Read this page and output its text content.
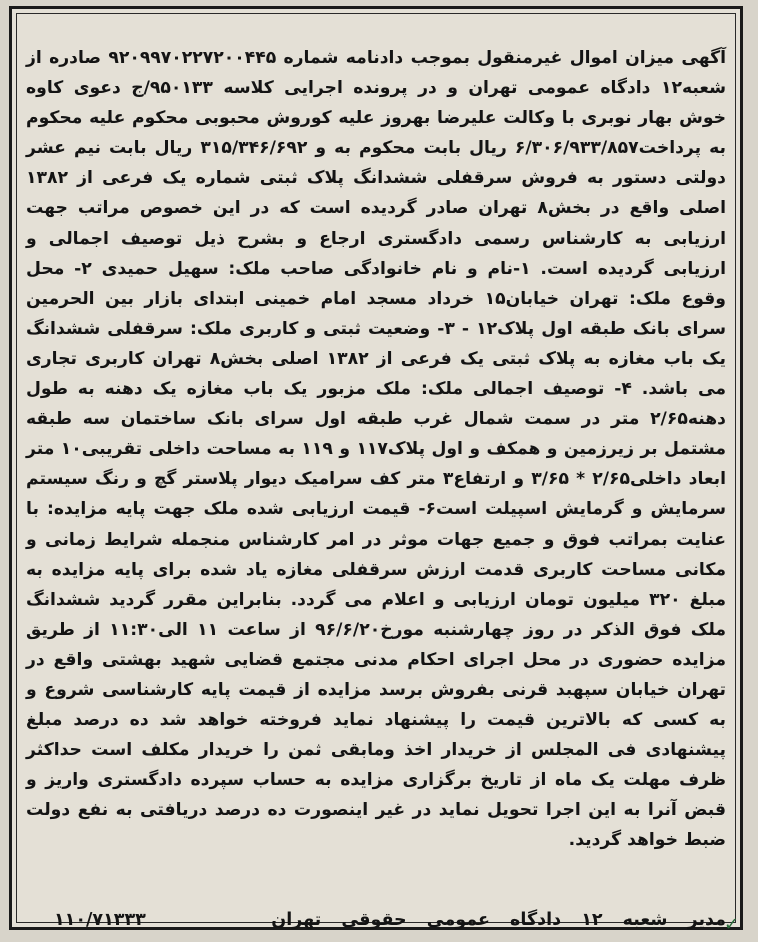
آگهی میزان اموال غیرمنقول بموجب دادنامه شماره ۹۲۰۹۹۷۰۲۲۷۲۰۰۴۴۵ صادره از شعبه۱۲ دادگاه عمومی تهران و در پرونده اجرایی کلاسه ۹۵۰۱۳۳/ج دعوی کاوه خوش بهار نوبری با وکالت علیرضا بهروز علیه کوروش محبوبی محکوم علیه محکوم به پرداخت۶/۳۰۶/۹۳۳/۸۵۷ ریال بابت محکوم به و ۳۱۵/۳۴۶/۶۹۲ ریال بابت نیم عشر دولتی دستور به فروش سرقفلی ششدانگ پلاک ثبتی شماره یک فرعی از ۱۳۸۲ اصلی واقع در بخش۸ تهران صادر گردیده است که در این خصوص مراتب جهت ارزیابی به کارشناس رسمی دادگستری ارجاع و بشرح ذیل توصیف اجمالی و ارزیابی گردیده است. ۱-نام و نام خانوادگی صاحب ملک: سهیل حمیدی ۲- محل وقوع ملک: تهران خیابان۱۵ خرداد مسجد امام خمینی ابتدای بازار بین الحرمین سرای بانک طبقه اول پلاک۱۲ - ۳- وضعیت ثبتی و کاربری ملک: سرقفلی ششدانگ یک باب مغازه به پلاک ثبتی یک فرعی از ۱۳۸۲ اصلی بخش۸ تهران کاربری تجاری می باشد. ۴- توصیف اجمالی ملک: ملک مزبور یک باب مغازه یک دهنه به طول دهنه۲/۶۵ متر در سمت شمال غرب طبقه اول سرای بانک ساختمان سه طبقه مشتمل بر زیرزمین و همکف و اول پلاک۱۱۷ و ۱۱۹ به مساحت داخلی تقریبی۱۰ متر ابعاد داخلی۲/۶۵ * ۳/۶۵ و ارتفاع۳ متر کف سرامیک دیوار پلاستر گچ و رنگ سیستم سرمایش و گرمایش اسپیلت است۶- قیمت ارزیابی شده ملک جهت پایه مزایده: با عنایت بمراتب فوق و جمیع جهات موثر در امر کارشناس منجمله شرایط زمانی و مکانی مساحت کاربری قدمت ارزش سرقفلی مغازه یاد شده برای پایه مزایده به مبلغ ۳۲۰ میلیون تومان ارزیابی و اعلام می گردد. بنابراین مقرر گردید ششدانگ ملک فوق الذکر در روز چهارشنبه مورخ۹۶/۶/۲۰ از ساعت ۱۱ الی۱۱:۳۰ از طریق مزایده حضوری در محل اجرای احکام مدنی مجتمع قضایی شهید بهشتی واقع در تهران خیابان سپهبد قرنی بفروش برسد مزایده از قیمت پایه کارشناسی شروع و به کسی که بالاترین قیمت را پیشنهاد نماید فروخته خواهد شد ده درصد مبلغ پیشنهادی فی المجلس از خریدار اخذ ومابقی ثمن را خریدار مکلف است حداکثر ظرف مهلت یک ماه از تاریخ برگزاری مزایده به حساب سپرده دادگستری واریز و قبض آنرا به این اجرا تحویل نماید در غیر اینصورت ده درصد دریافتی به نفع دولت ضبط خواهد گردید.

مدیر شعبه ۱۲ دادگاه عمومی حقوقی تهران
۱۱۰/۷۱۳۳۳	✓
